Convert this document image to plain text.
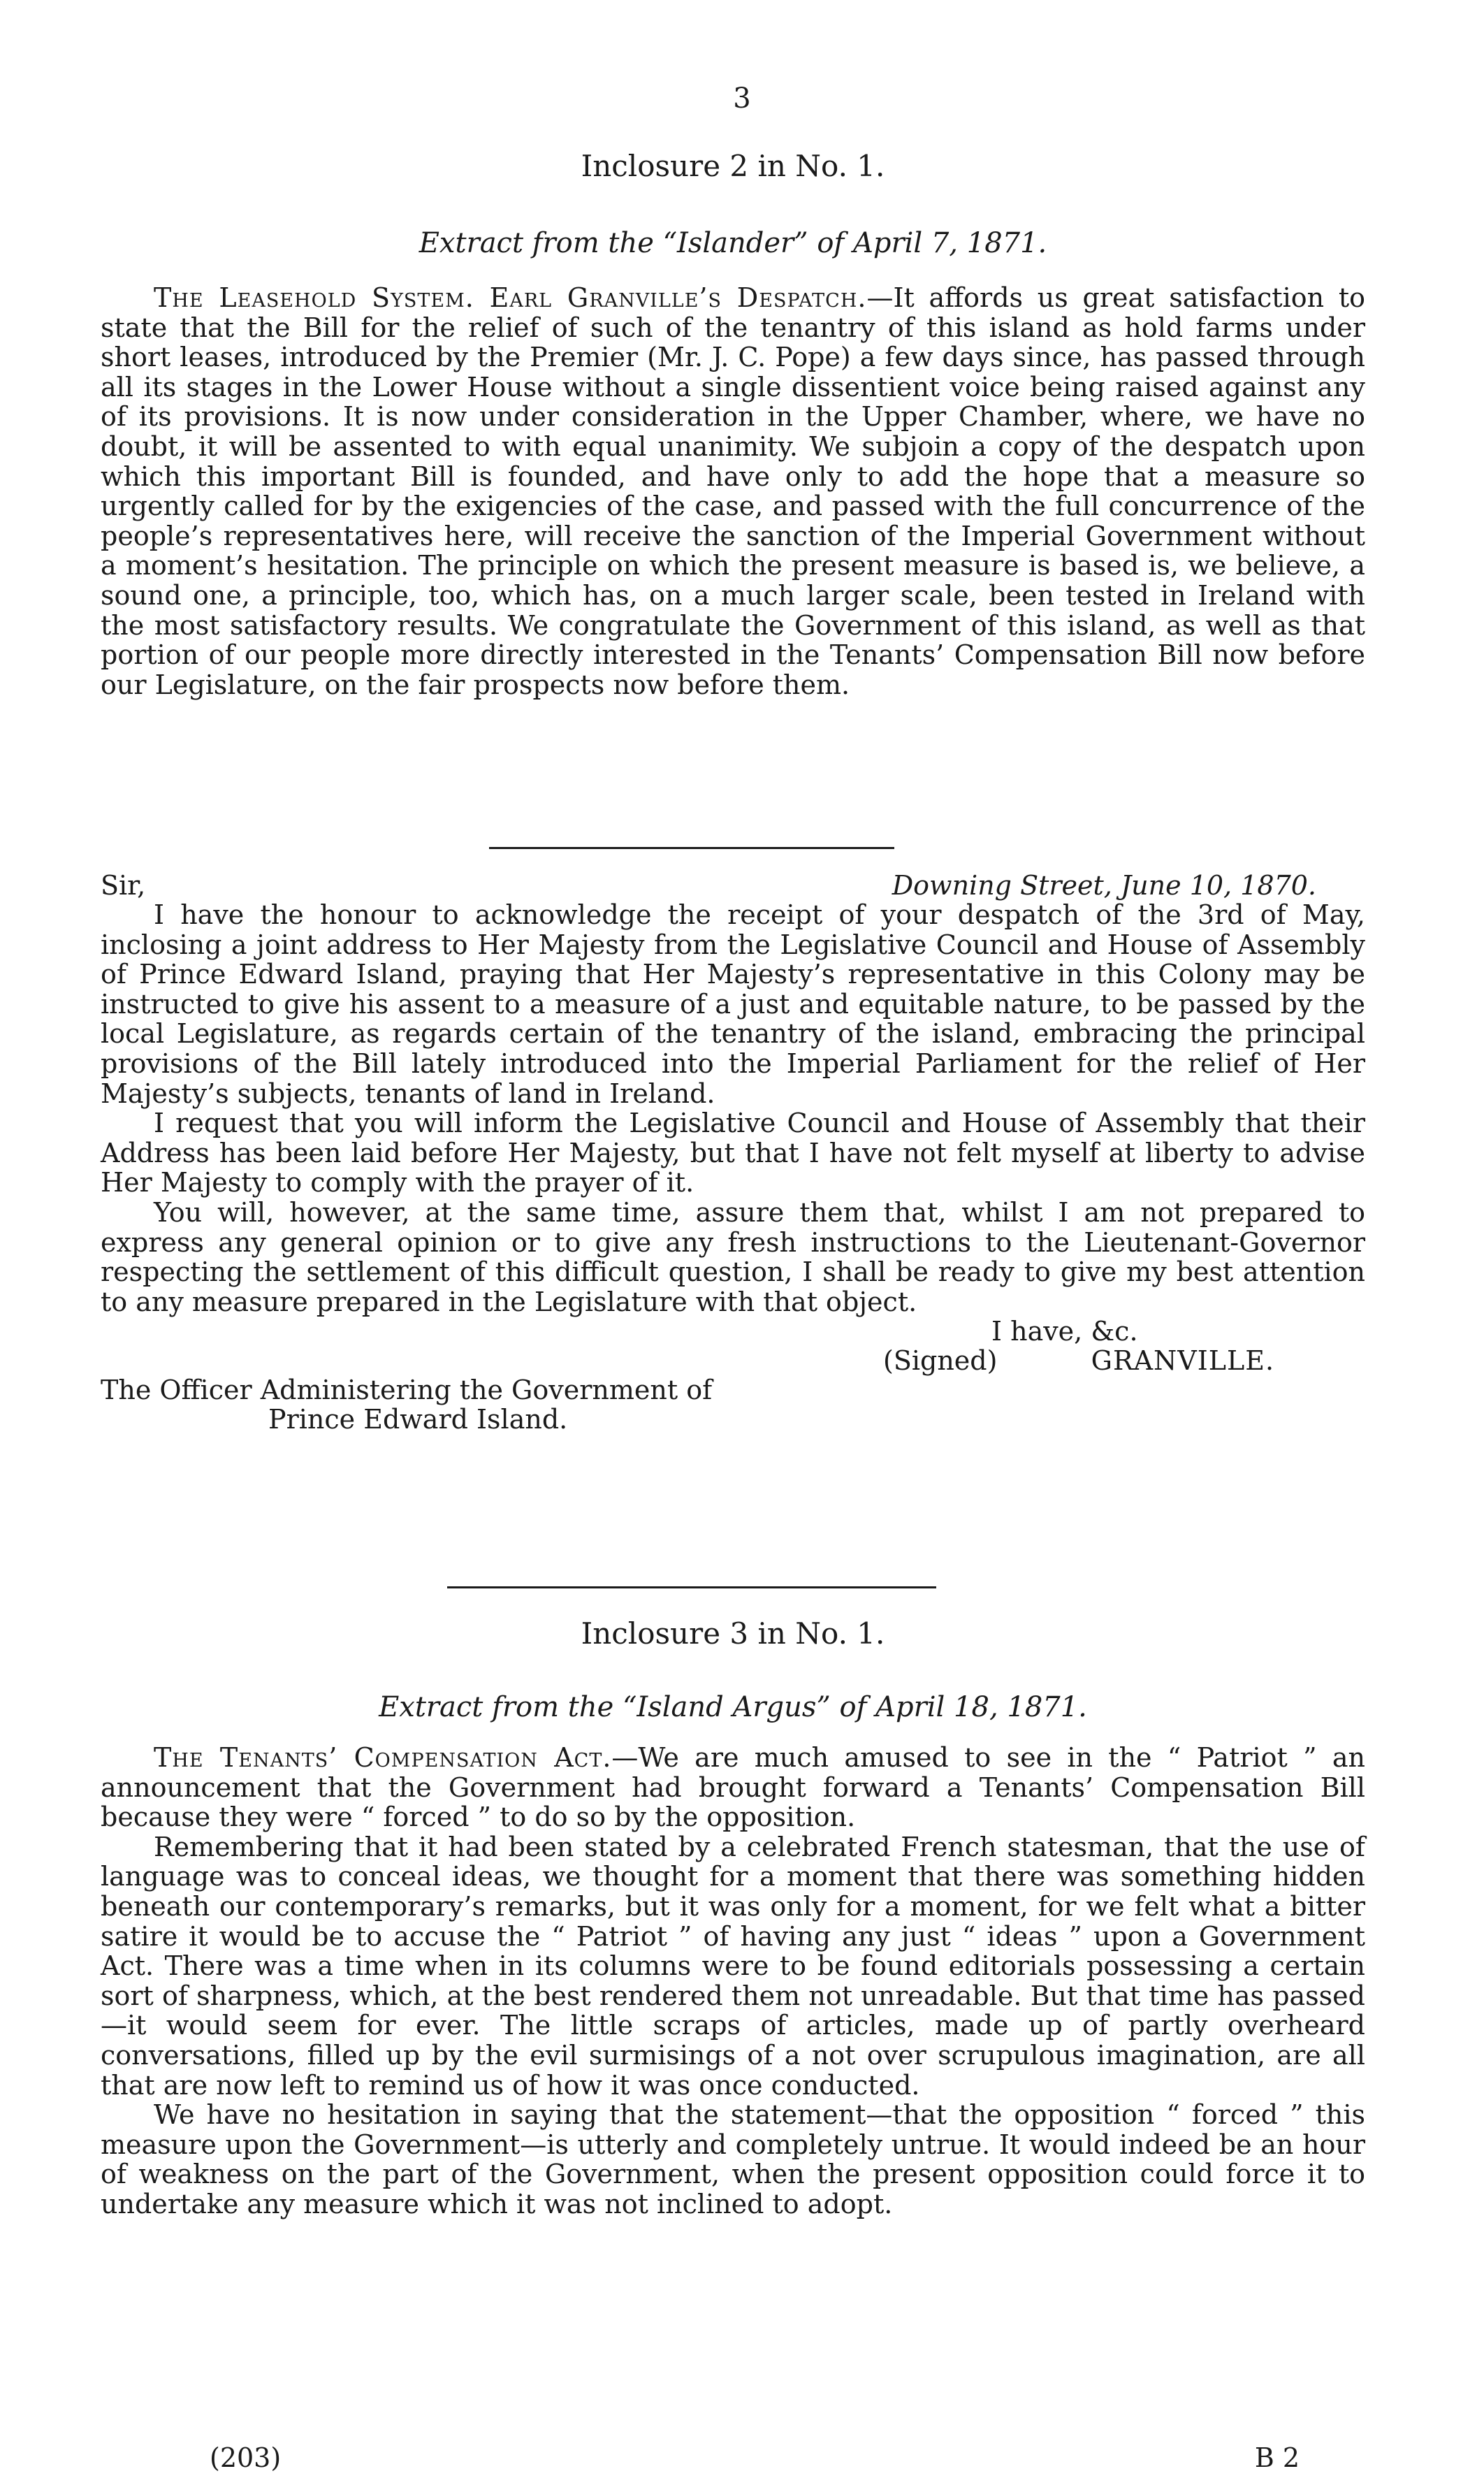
3
Inclosure 2 in No. 1.
Extract from the “Islander” of April 7, 1871.

The Leasehold System. Earl Granville’s Despatch.—It affords us great satisfaction to state that the Bill for the relief of such of the tenantry of this island as hold farms under short leases, introduced by the Premier (Mr. J. C. Pope) a few days since, has passed through all its stages in the Lower House without a single dissentient voice being raised against any of its provisions. It is now under consideration in the Upper Chamber, where, we have no doubt, it will be assented to with equal unanimity. We subjoin a copy of the despatch upon which this important Bill is founded, and have only to add the hope that a measure so urgently called for by the exigencies of the case, and passed with the full concurrence of the people’s representatives here, will receive the sanction of the Imperial Government without a moment’s hesitation. The principle on which the present measure is based is, we believe, a sound one, a principle, too, which has, on a much larger scale, been tested in Ireland with the most satisfactory results. We congratulate the Government of this island, as well as that portion of our people more directly interested in the Tenants’ Compensation Bill now before our Legislature, on the fair prospects now before them.

Sir,	Downing Street, June 10, 1870.

I have the honour to acknowledge the receipt of your despatch of the 3rd of May, inclosing a joint address to Her Majesty from the Legislative Council and House of Assembly of Prince Edward Island, praying that Her Majesty’s representative in this Colony may be instructed to give his assent to a measure of a just and equitable nature, to be passed by the local Legislature, as regards certain of the tenantry of the island, embracing the principal provisions of the Bill lately introduced into the Imperial Parliament for the relief of Her Majesty’s subjects, tenants of land in Ireland.

I request that you will inform the Legislative Council and House of Assembly that their Address has been laid before Her Majesty, but that I have not felt myself at liberty to advise Her Majesty to comply with the prayer of it.

You will, however, at the same time, assure them that, whilst I am not prepared to express any general opinion or to give any fresh instructions to the Lieutenant-Governor respecting the settlement of this difficult question, I shall be ready to give my best attention to any measure prepared in the Legislature with that object.

I have, &c.
(Signed)	GRANVILLE.
The Officer Administering the Government of
Prince Edward Island.
Inclosure 3 in No. 1.
Extract from the “Island Argus” of April 18, 1871.

The Tenants’ Compensation Act.—We are much amused to see in the “ Patriot ” an announcement that the Government had brought forward a Tenants’ Compensation Bill because they were “ forced ” to do so by the opposition.

Remembering that it had been stated by a celebrated French statesman, that the use of language was to conceal ideas, we thought for a moment that there was something hidden beneath our contemporary’s remarks, but it was only for a moment, for we felt what a bitter satire it would be to accuse the “ Patriot ” of having any just “ ideas ” upon a Government Act. There was a time when in its columns were to be found editorials possessing a certain sort of sharpness, which, at the best rendered them not unreadable. But that time has passed—it would seem for ever. The little scraps of articles, made up of partly overheard conversations, filled up by the evil surmisings of a not over scrupulous imagination, are all that are now left to remind us of how it was once conducted.

We have no hesitation in saying that the statement—that the opposition “ forced ” this measure upon the Government—is utterly and completely untrue. It would indeed be an hour of weakness on the part of the Government, when the present opposition could force it to undertake any measure which it was not inclined to adopt.

(203)	B 2
